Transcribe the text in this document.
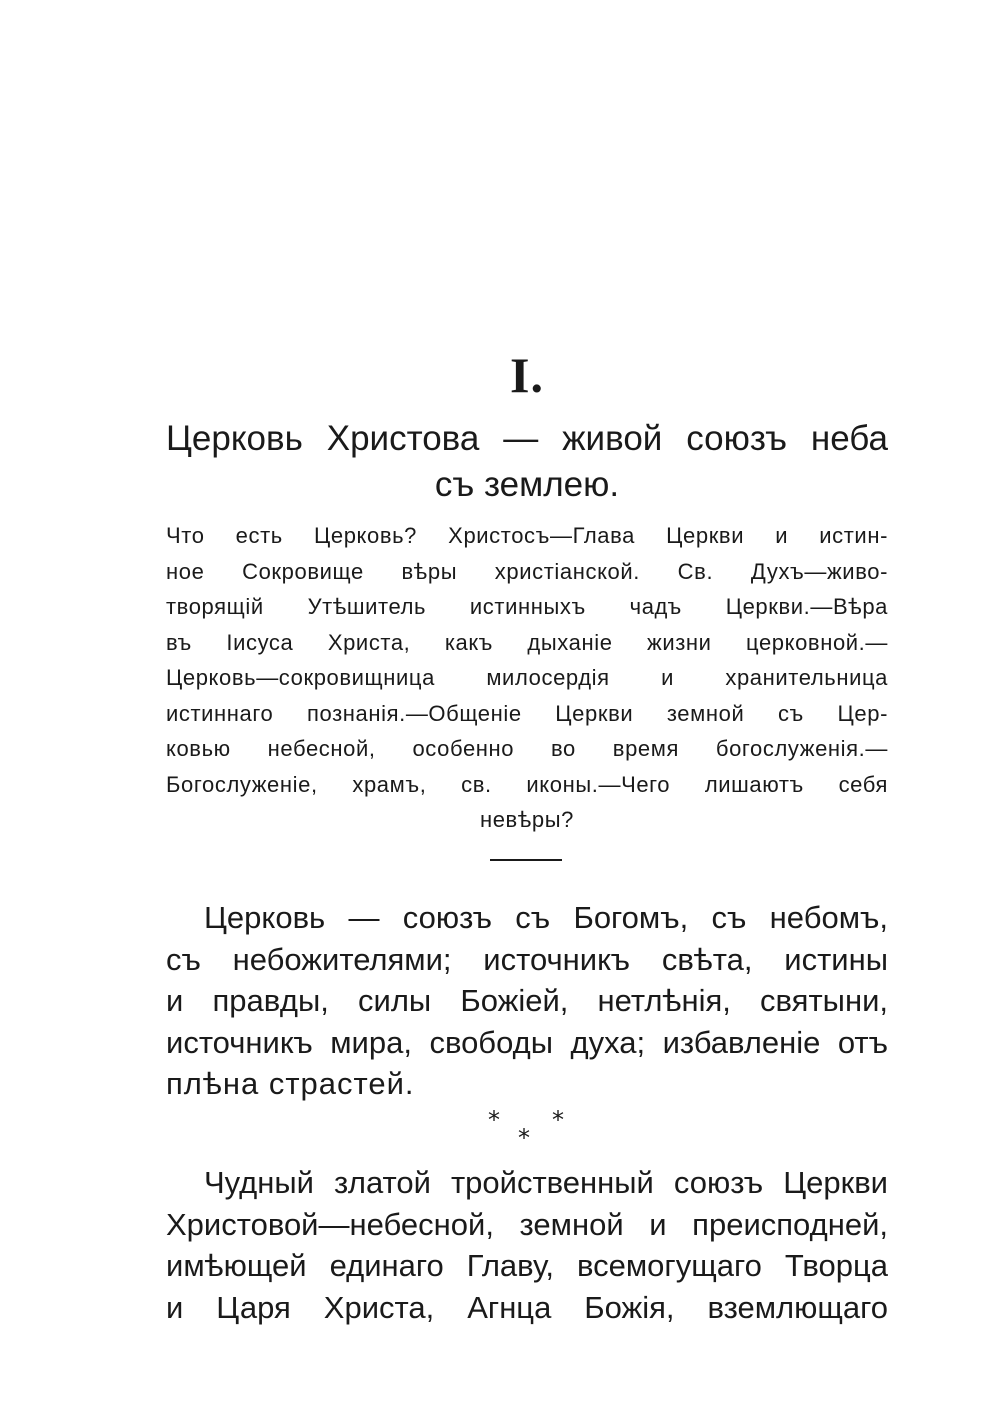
I.
Церковь Христова — живой союзъ неба
съ землею.
Что есть Церковь? Христосъ—Глава Церкви и истин-
ное Сокровище вѣры христіанской. Св. Духъ—живо-
творящій Утѣшитель истинныхъ чадъ Церкви.—Вѣра
въ Іисуса Христа, какъ дыханіе жизни церковной.—
Церковь—сокровищница милосердія и хранительница
истиннаго познанія.—Общеніе Церкви земной съ Цер-
ковью небесной, особенно во время богослуженія.—
Богослуженіе, храмъ, св. иконы.—Чего лишаютъ себя
невѣры?
Церковь — союзъ съ Богомъ, съ небомъ,
съ небожителями; источникъ свѣта, истины
и правды, силы Божіей, нетлѣнія, святыни,
источникъ мира, свободы духа; избавленіе отъ
плѣна страстей.
* *
*
Чудный златой тройственный союзъ Церкви
Христовой—небесной, земной и преисподней,
имѣющей единаго Главу, всемогущаго Творца
и Царя Христа, Агнца Божія, вземлющаго
